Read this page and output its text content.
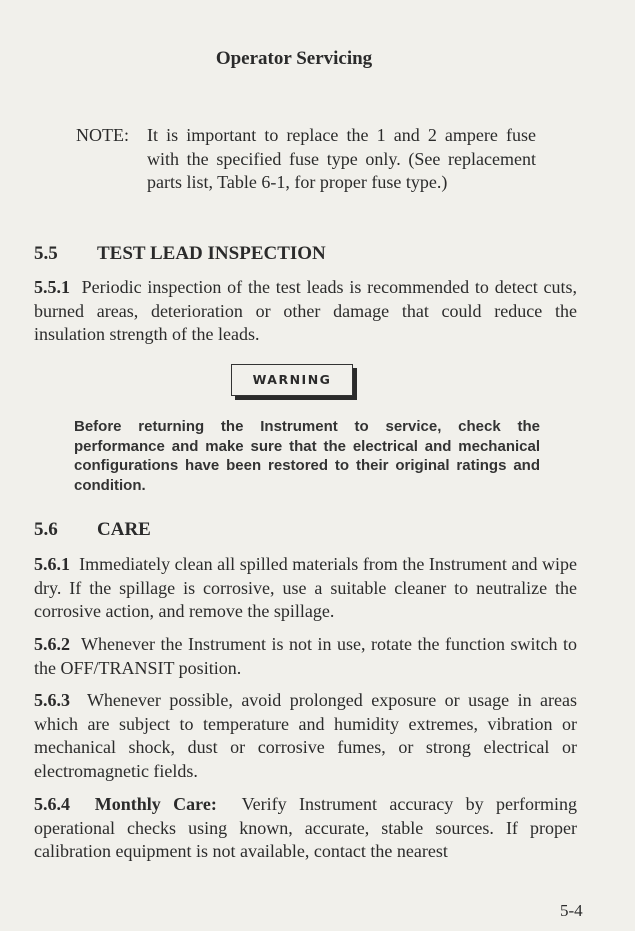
Operator Servicing
NOTE: It is important to replace the 1 and 2 ampere fuse with the specified fuse type only. (See replacement parts list, Table 6-1, for proper fuse type.)
5.5 TEST LEAD INSPECTION
5.5.1 Periodic inspection of the test leads is recommended to detect cuts, burned areas, deterioration or other damage that could reduce the insulation strength of the leads.
WARNING
Before returning the Instrument to service, check the performance and make sure that the electrical and mechanical configurations have been restored to their original ratings and condition.
5.6 CARE
5.6.1 Immediately clean all spilled materials from the Instrument and wipe dry. If the spillage is corrosive, use a suitable cleaner to neutralize the corrosive action, and remove the spillage.
5.6.2 Whenever the Instrument is not in use, rotate the function switch to the OFF/TRANSIT position.
5.6.3 Whenever possible, avoid prolonged exposure or usage in areas which are subject to temperature and humidity extremes, vibration or mechanical shock, dust or corrosive fumes, or strong electrical or electromagnetic fields.
5.6.4 Monthly Care: Verify Instrument accuracy by performing operational checks using known, accurate, stable sources. If proper calibration equipment is not available, contact the nearest
5-4
